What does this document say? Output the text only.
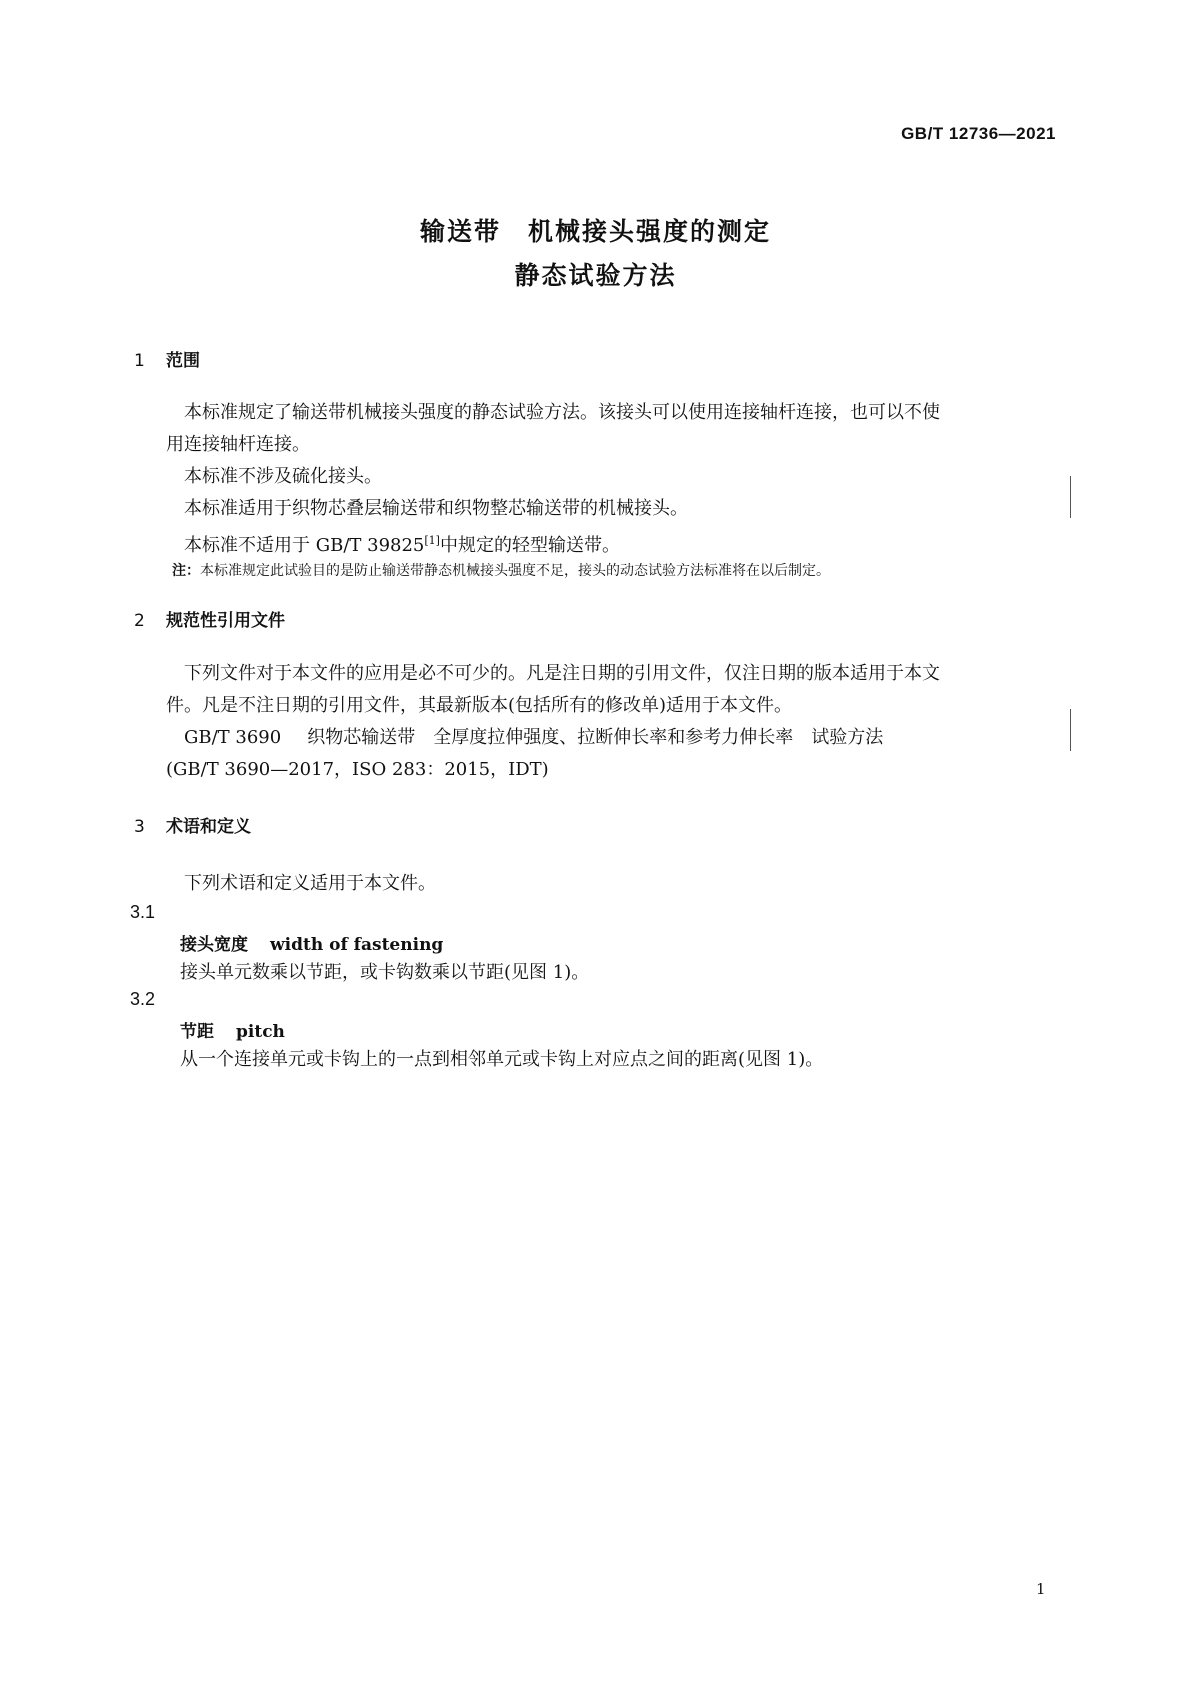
GB/T 12736—2021
输送带　机械接头强度的测定
静态试验方法
1 范围
本标准规定了输送带机械接头强度的静态试验方法。该接头可以使用连接轴杆连接，也可以不使
用连接轴杆连接。
本标准不涉及硫化接头。
本标准适用于织物芯叠层输送带和织物整芯输送带的机械接头。
本标准不适用于 GB/T 39825[1]中规定的轻型输送带。
注：本标准规定此试验目的是防止输送带静态机械接头强度不足，接头的动态试验方法标准将在以后制定。
2 规范性引用文件
下列文件对于本文件的应用是必不可少的。凡是注日期的引用文件，仅注日期的版本适用于本文
件。凡是不注日期的引用文件，其最新版本(包括所有的修改单)适用于本文件。
GB/T 3690 织物芯输送带　全厚度拉伸强度、拉断伸长率和参考力伸长率　试验方法
(GB/T 3690—2017，ISO 283：2015，IDT)
3 术语和定义
下列术语和定义适用于本文件。
3.1
接头宽度 width of fastening
接头单元数乘以节距，或卡钩数乘以节距(见图 1)。
3.2
节距 pitch
从一个连接单元或卡钩上的一点到相邻单元或卡钩上对应点之间的距离(见图 1)。
1
